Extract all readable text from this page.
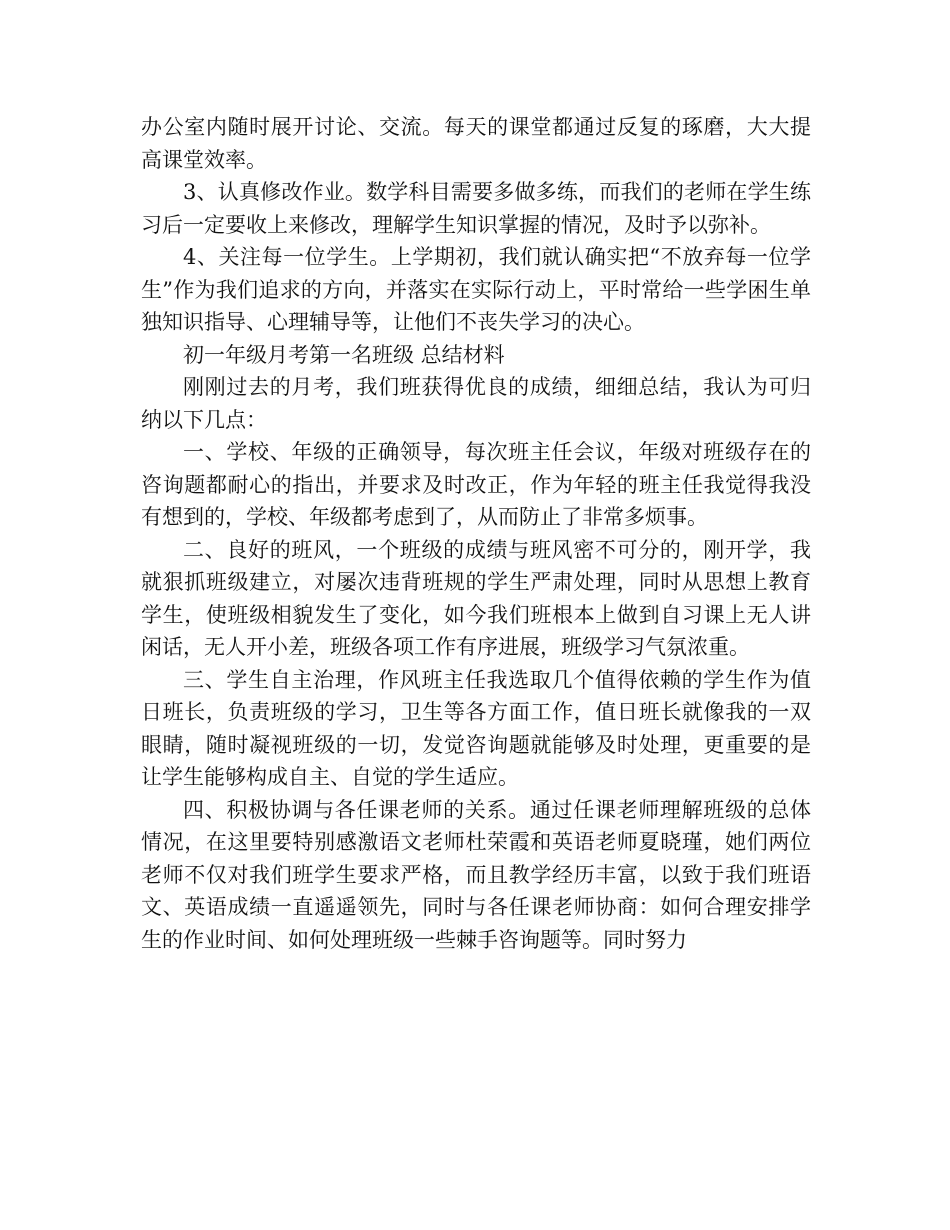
办公室内随时展开讨论、交流。每天的课堂都通过反复的琢磨，大大提高课堂效率。

3、认真修改作业。数学科目需要多做多练，而我们的老师在学生练习后一定要收上来修改，理解学生知识掌握的情况，及时予以弥补。

4、关注每一位学生。上学期初，我们就认确实把“不放弃每一位学生”作为我们追求的方向，并落实在实际行动上，平时常给一些学困生单独知识指导、心理辅导等，让他们不丧失学习的决心。

初一年级月考第一名班级 总结材料

刚刚过去的月考，我们班获得优良的成绩，细细总结，我认为可归纳以下几点：

一、学校、年级的正确领导，每次班主任会议，年级对班级存在的咨询题都耐心的指出，并要求及时改正，作为年轻的班主任我觉得我没有想到的，学校、年级都考虑到了，从而防止了非常多烦事。

二、良好的班风，一个班级的成绩与班风密不可分的，刚开学，我就狠抓班级建立，对屡次违背班规的学生严肃处理，同时从思想上教育学生，使班级相貌发生了变化，如今我们班根本上做到自习课上无人讲闲话，无人开小差，班级各项工作有序进展，班级学习气氛浓重。

三、学生自主治理，作风班主任我选取几个值得依赖的学生作为值日班长，负责班级的学习，卫生等各方面工作，值日班长就像我的一双眼睛，随时凝视班级的一切，发觉咨询题就能够及时处理，更重要的是让学生能够构成自主、自觉的学生适应。

四、积极协调与各任课老师的关系。通过任课老师理解班级的总体情况，在这里要特别感激语文老师杜荣霞和英语老师夏晓瑾，她们两位老师不仅对我们班学生要求严格，而且教学经历丰富，以致于我们班语文、英语成绩一直遥遥领先，同时与各任课老师协商：如何合理安排学生的作业时间、如何处理班级一些棘手咨询题等。同时努力
